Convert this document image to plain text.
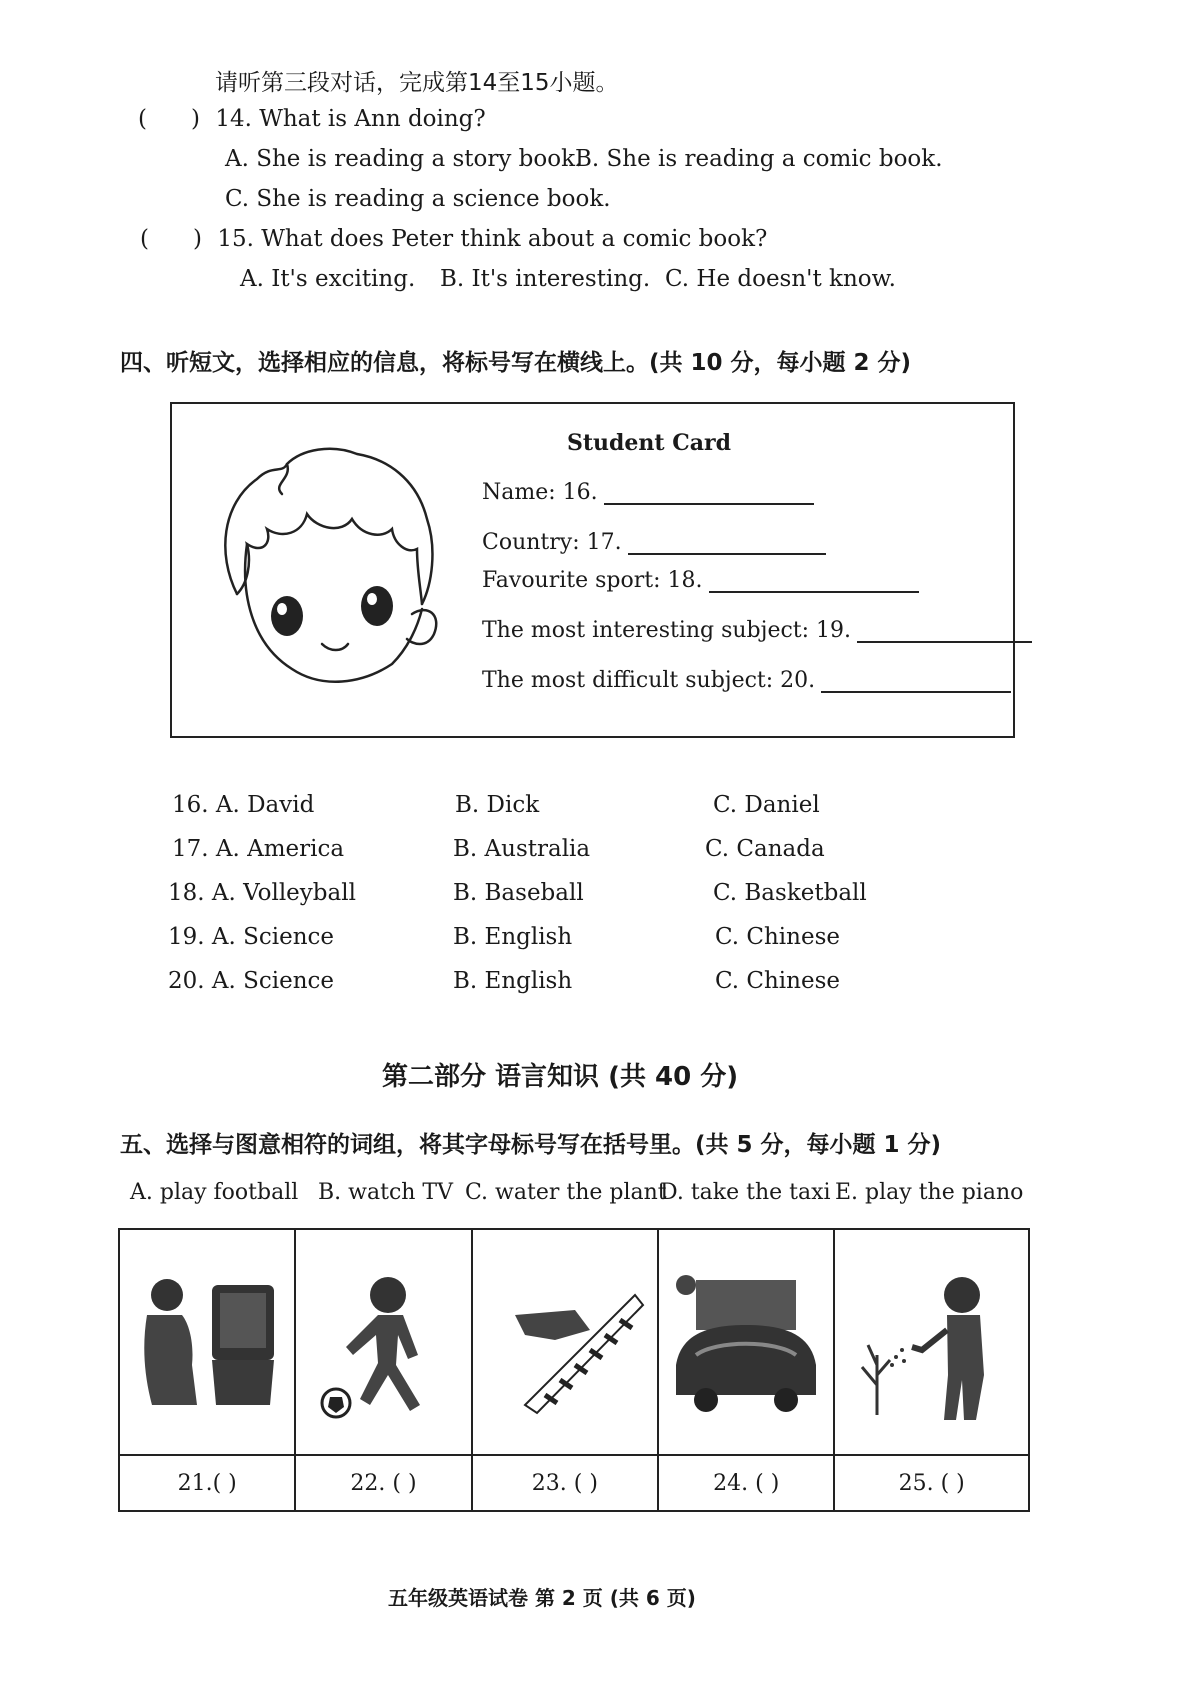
请听第三段对话，完成第14至15小题。
( ) 14. What is Ann doing?
A. She is reading a story book.
B. She is reading a comic book.
C. She is reading a science book.
( ) 15. What does Peter think about a comic book?
A. It's exciting. B. It's interesting. C. He doesn't know.
四、听短文，选择相应的信息，将标号写在横线上。(共 10 分，每小题 2 分)
Student Card
Name: 16.
Country: 17.
Favourite sport: 18.
The most interesting subject: 19.
The most difficult subject: 20.
16. A. David	B. Dick	C. Daniel
17. A. America	B. Australia	C. Canada
18. A. Volleyball	B. Baseball	C. Basketball
19. A. Science	B. English	C. Chinese
20. A. Science	B. English	C. Chinese
第二部分 语言知识 (共 40 分)
五、选择与图意相符的词组，将其字母标号写在括号里。(共 5 分，每小题 1 分)
A. play football B. watch TV C. water the plant
D. take the taxi E. play the piano

21.( )	22. ( )	23. ( )	24. ( )	25. ( )
五年级英语试卷 第 2 页 (共 6 页)
